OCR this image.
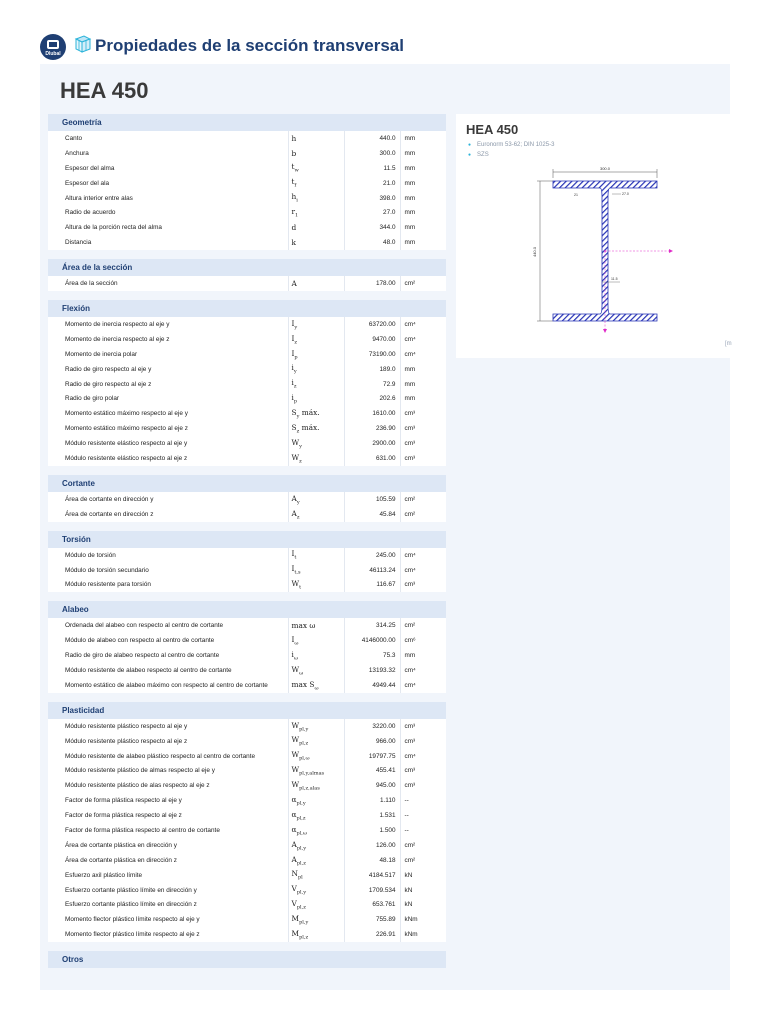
Dlubal	Propiedades de la sección transversal
HEA 450
Geometría			
Canto	h	440.0	mm
Anchura	b	300.0	mm
Espesor del alma	$t_w$	11.5	mm
Espesor del ala	$t_f$	21.0	mm
Altura interior entre alas	$h_i$	398.0	mm
Radio de acuerdo	$r_1$	27.0	mm
Altura de la porción recta del alma	d	344.0	mm
Distancia	k	48.0	mm

Área de la sección			
Área de la sección	A	178.00	cm²

Flexión			
Momento de inercia respecto al eje y	$I_y$	63720.00	cm⁴
Momento de inercia respecto al eje z	$I_z$	9470.00	cm⁴
Momento de inercia polar	$I_p$	73190.00	cm⁴
Radio de giro respecto al eje y	$i_y$	189.0	mm
Radio de giro respecto al eje z	$i_z$	72.9	mm
Radio de giro polar	$i_p$	202.6	mm
Momento estático máximo respecto al eje y	$S_y$ máx.	1610.00	cm³
Momento estático máximo respecto al eje z	$S_z$ máx.	236.90	cm³
Módulo resistente elástico respecto al eje y	$W_y$	2900.00	cm³
Módulo resistente elástico respecto al eje z	$W_z$	631.00	cm³

Cortante			
Área de cortante en dirección y	$A_y$	105.59	cm²
Área de cortante en dirección z	$A_z$	45.84	cm²

Torsión			
Módulo de torsión	$I_t$	245.00	cm⁴
Módulo de torsión secundario	$I_{t,s}$	46113.24	cm⁴
Módulo resistente para torsión	$W_t$	116.67	cm³

Alabeo			
Ordenada del alabeo con respecto al centro de cortante	max ω	314.25	cm²
Módulo de alabeo con respecto al centro de cortante	$I_\omega$	4146000.00	cm⁶
Radio de giro de alabeo respecto al centro de cortante	$i_\omega$	75.3	mm
Módulo resistente de alabeo respecto al centro de cortante	$W_\omega$	13193.32	cm⁴
Momento estático de alabeo máximo con respecto al centro de cortante	$\max S_\omega$	4949.44	cm⁴

Plasticidad			
Módulo resistente plástico respecto al eje y	$W_{pl,y}$	3220.00	cm³
Módulo resistente plástico respecto al eje z	$W_{pl,z}$	966.00	cm³
Módulo resistente de alabeo plástico respecto al centro de cortante	$W_{pl,\omega}$	19797.75	cm⁴
Módulo resistente plástico de almas respecto al eje y	$W_{pl,y,almas}$	455.41	cm³
Módulo resistente plástico de alas respecto al eje z	$W_{pl,z,alas}$	945.00	cm³
Factor de forma plástica respecto al eje y	$\alpha_{pl,y}$	1.110	--
Factor de forma plástica respecto al eje z	$\alpha_{pl,z}$	1.531	--
Factor de forma plástica respecto al centro de cortante	$\alpha_{pl,\omega}$	1.500	--
Área de cortante plástica en dirección y	$A_{pl,y}$	126.00	cm²
Área de cortante plástica en dirección z	$A_{pl,z}$	48.18	cm²
Esfuerzo axil plástico límite	$N_{pl}$	4184.517	kN
Esfuerzo cortante plástico límite en dirección y	$V_{pl,y}$	1709.534	kN
Esfuerzo cortante plástico límite en dirección z	$V_{pl,z}$	653.761	kN
Momento flector plástico límite respecto al eje y	$M_{pl,y}$	755.89	kNm
Momento flector plástico límite respecto al eje z	$M_{pl,z}$	226.91	kNm

Otros			

HEA 450
● Euronorm 53-62; DIN 1025-3
● SZS
300.0
440.0
21	27.0
11.5
[m
